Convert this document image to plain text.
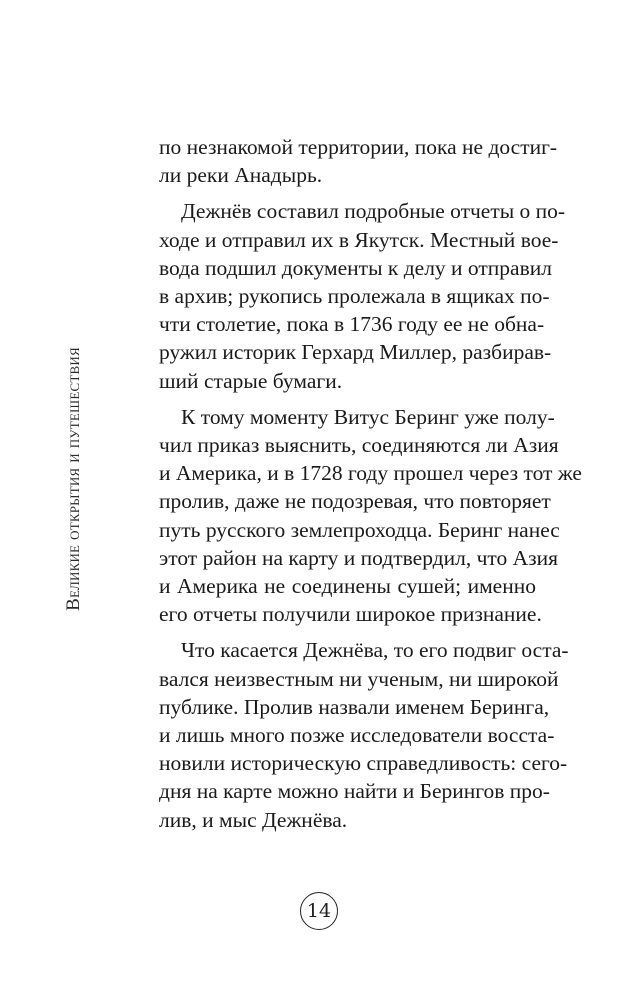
Великие открытия и путешествия

по незнакомой территории, пока не достиг-
ли реки Анадырь.

Дежнёв составил подробные отчеты о по-
ходе и отправил их в Якутск. Местный вое-
вода подшил документы к делу и отправил
в архив; рукопись пролежала в ящиках по-
чти столетие, пока в 1736 году ее не обна-
ружил историк Герхард Миллер, разбирав-
ший старые бумаги.

К тому моменту Витус Беринг уже полу-
чил приказ выяснить, соединяются ли Азия
и Америка, и в 1728 году прошел через тот же
пролив, даже не подозревая, что повторяет
путь русского землепроходца. Беринг нанес
этот район на карту и подтвердил, что Азия
и Америка не соединены сушей; именно
его отчеты получили широкое признание.

Что касается Дежнёва, то его подвиг оста-
вался неизвестным ни ученым, ни широкой
публике. Пролив назвали именем Беринга,
и лишь много позже исследователи восста-
новили историческую справедливость: сего-
дня на карте можно найти и Берингов про-
лив, и мыс Дежнёва.

14
